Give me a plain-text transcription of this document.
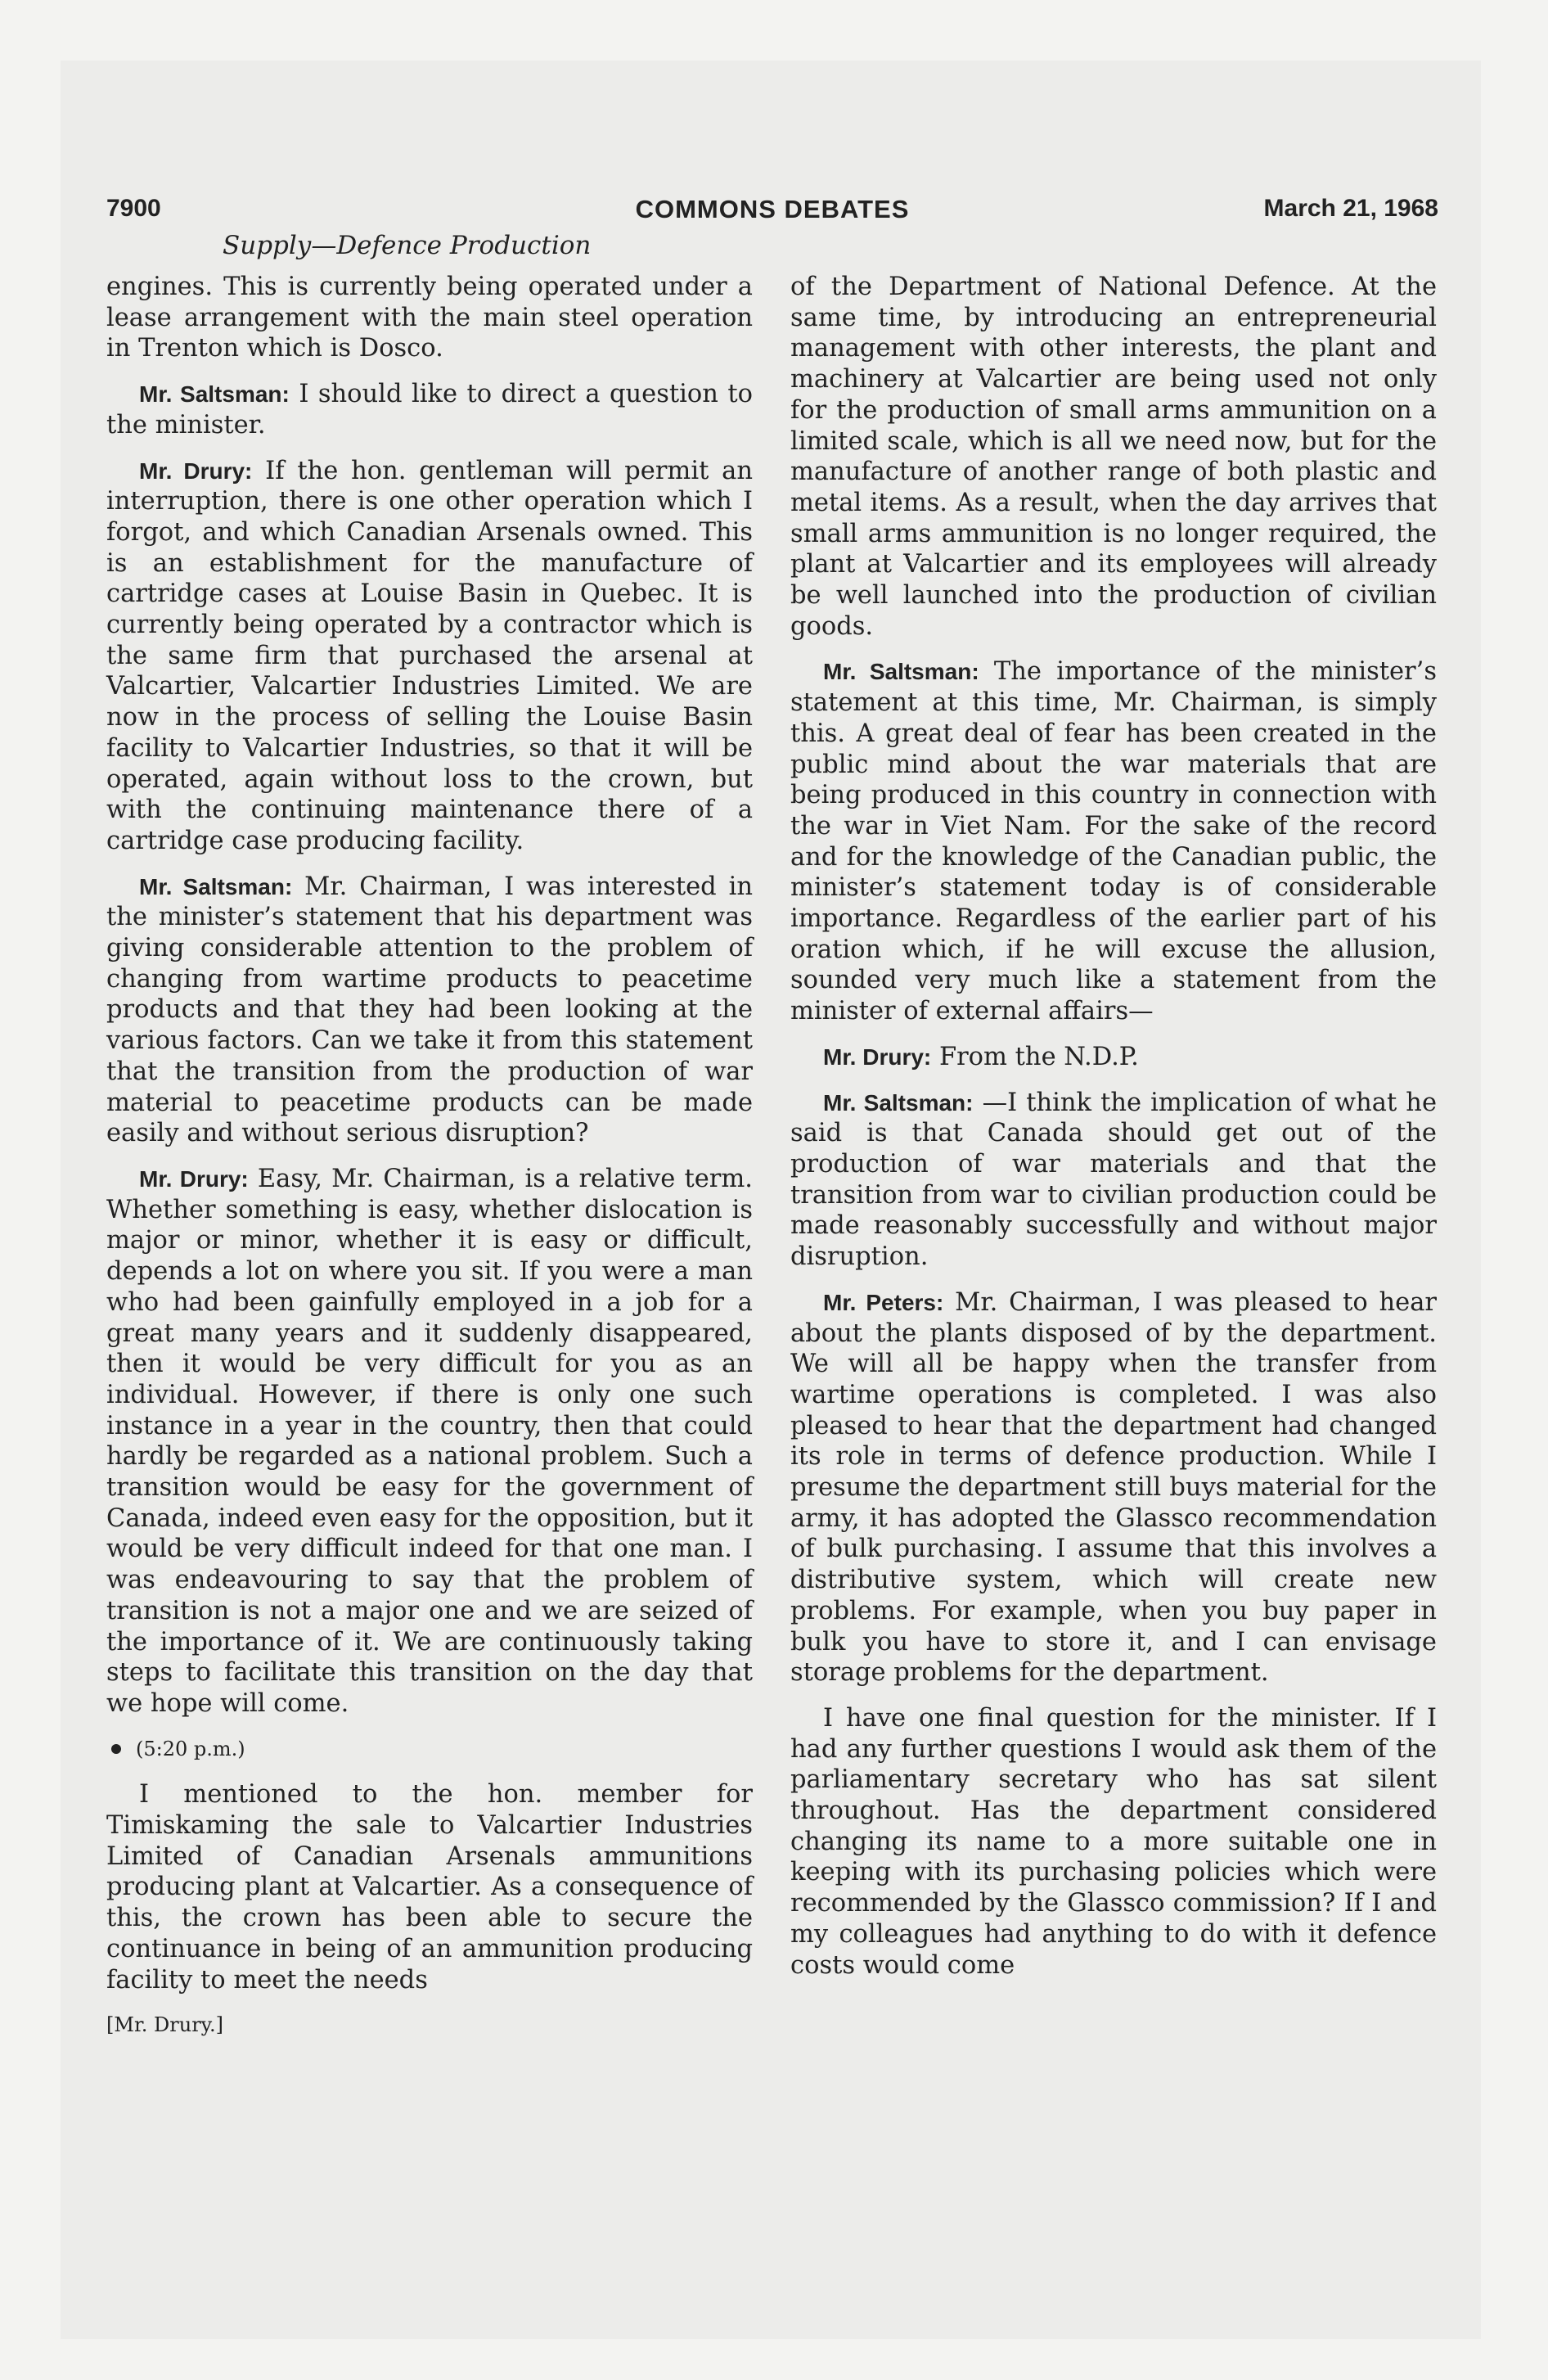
7900	COMMONS DEBATES	March 21, 1968
Supply—Defence Production

engines. This is currently being operated under a lease arrangement with the main steel operation in Trenton which is Dosco.

Mr. Saltsman: I should like to direct a question to the minister.

Mr. Drury: If the hon. gentleman will permit an interruption, there is one other operation which I forgot, and which Canadian Arsenals owned. This is an establishment for the manufacture of cartridge cases at Louise Basin in Quebec. It is currently being operated by a contractor which is the same firm that purchased the arsenal at Valcartier, Valcartier Industries Limited. We are now in the process of selling the Louise Basin facility to Valcartier Industries, so that it will be operated, again without loss to the crown, but with the continuing maintenance there of a cartridge case producing facility.

Mr. Saltsman: Mr. Chairman, I was interested in the minister’s statement that his department was giving considerable attention to the problem of changing from wartime products to peacetime products and that they had been looking at the various factors. Can we take it from this statement that the transition from the production of war material to peacetime products can be made easily and without serious disruption?

Mr. Drury: Easy, Mr. Chairman, is a relative term. Whether something is easy, whether dislocation is major or minor, whether it is easy or difficult, depends a lot on where you sit. If you were a man who had been gainfully employed in a job for a great many years and it suddenly disappeared, then it would be very difficult for you as an individual. However, if there is only one such instance in a year in the country, then that could hardly be regarded as a national problem. Such a transition would be easy for the government of Canada, indeed even easy for the opposition, but it would be very difficult indeed for that one man. I was endeavouring to say that the problem of transition is not a major one and we are seized of the importance of it. We are continuously taking steps to facilitate this transition on the day that we hope will come.

(5:20 p.m.)

I mentioned to the hon. member for Timiskaming the sale to Valcartier Industries Limited of Canadian Arsenals ammunitions producing plant at Valcartier. As a consequence of this, the crown has been able to secure the continuance in being of an ammunition producing facility to meet the needs

[Mr. Drury.]

of the Department of National Defence. At the same time, by introducing an entrepreneurial management with other interests, the plant and machinery at Valcartier are being used not only for the production of small arms ammunition on a limited scale, which is all we need now, but for the manufacture of another range of both plastic and metal items. As a result, when the day arrives that small arms ammunition is no longer required, the plant at Valcartier and its employees will already be well launched into the production of civilian goods.

Mr. Saltsman: The importance of the minister’s statement at this time, Mr. Chairman, is simply this. A great deal of fear has been created in the public mind about the war materials that are being produced in this country in connection with the war in Viet Nam. For the sake of the record and for the knowledge of the Canadian public, the minister’s statement today is of considerable importance. Regardless of the earlier part of his oration which, if he will excuse the allusion, sounded very much like a statement from the minister of external affairs—

Mr. Drury: From the N.D.P.

Mr. Saltsman: —I think the implication of what he said is that Canada should get out of the production of war materials and that the transition from war to civilian production could be made reasonably successfully and without major disruption.

Mr. Peters: Mr. Chairman, I was pleased to hear about the plants disposed of by the department. We will all be happy when the transfer from wartime operations is completed. I was also pleased to hear that the department had changed its role in terms of defence production. While I presume the department still buys material for the army, it has adopted the Glassco recommendation of bulk purchasing. I assume that this involves a distributive system, which will create new problems. For example, when you buy paper in bulk you have to store it, and I can envisage storage problems for the department.

I have one final question for the minister. If I had any further questions I would ask them of the parliamentary secretary who has sat silent throughout. Has the department considered changing its name to a more suitable one in keeping with its purchasing policies which were recommended by the Glassco commission? If I and my colleagues had anything to do with it defence costs would come
